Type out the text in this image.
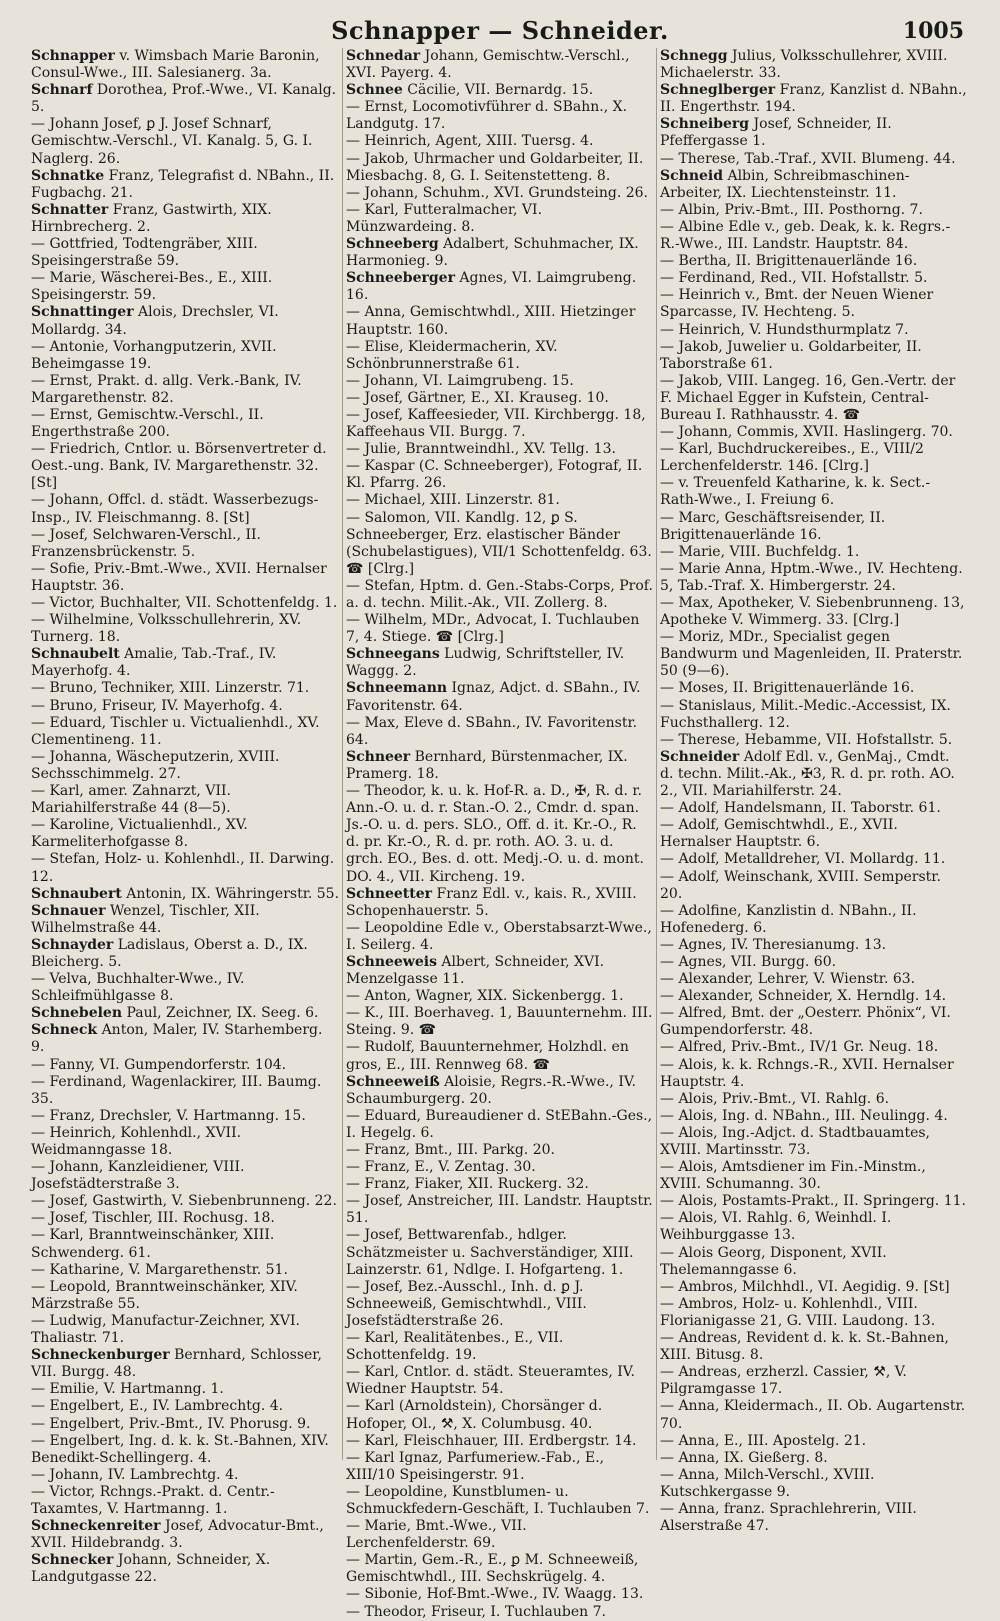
Schnapper — Schneider.	1005
Schnapper v. Wimsbach Marie Baronin, Consul-Wwe., III. Salesianerg. 3a.
Schnarf Dorothea, Prof.-Wwe., VI. Kanalg. 5.
— Johann Josef, ꝑ J. Josef Schnarf, Gemischtw.-Verschl., VI. Kanalg. 5, G. I. Naglerg. 26.
Schnatke Franz, Telegrafist d. NBahn., II. Fugbachg. 21.
Schnatter Franz, Gastwirth, XIX. Hirnbrecherg. 2.
— Gottfried, Todtengräber, XIII. Speisingerstraße 59.
— Marie, Wäscherei-Bes., E., XIII. Speisingerstr. 59.
Schnattinger Alois, Drechsler, VI. Mollardg. 34.
— Antonie, Vorhangputzerin, XVII. Beheimgasse 19.
— Ernst, Prakt. d. allg. Verk.-Bank, IV. Margarethenstr. 82.
— Ernst, Gemischtw.-Verschl., II. Engerthstraße 200.
— Friedrich, Cntlor. u. Börsenvertreter d. Oest.-ung. Bank, IV. Margarethenstr. 32. [St]
— Johann, Offcl. d. städt. Wasserbezugs-Insp., IV. Fleischmanng. 8. [St]
— Josef, Selchwaren-Verschl., II. Franzensbrückenstr. 5.
— Sofie, Priv.-Bmt.-Wwe., XVII. Hernalser Hauptstr. 36.
— Victor, Buchhalter, VII. Schottenfeldg. 1.
— Wilhelmine, Volksschullehrerin, XV. Turnerg. 18.
Schnaubelt Amalie, Tab.-Traf., IV. Mayerhofg. 4.
— Bruno, Techniker, XIII. Linzerstr. 71.
— Bruno, Friseur, IV. Mayerhofg. 4.
— Eduard, Tischler u. Victualienhdl., XV. Clementineng. 11.
— Johanna, Wäscheputzerin, XVIII. Sechsschimmelg. 27.
— Karl, amer. Zahnarzt, VII. Mariahilferstraße 44 (8—5).
— Karoline, Victualienhdl., XV. Karmeliterhofgasse 8.
— Stefan, Holz- u. Kohlenhdl., II. Darwing. 12.
Schnaubert Antonin, IX. Währingerstr. 55.
Schnauer Wenzel, Tischler, XII. Wilhelmstraße 44.
Schnayder Ladislaus, Oberst a. D., IX. Bleicherg. 5.
— Velva, Buchhalter-Wwe., IV. Schleifmühlgasse 8.
Schnebelen Paul, Zeichner, IX. Seeg. 6.
Schneck Anton, Maler, IV. Starhemberg. 9.
— Fanny, VI. Gumpendorferstr. 104.
— Ferdinand, Wagenlackirer, III. Baumg. 35.
— Franz, Drechsler, V. Hartmanng. 15.
— Heinrich, Kohlenhdl., XVII. Weidmanngasse 18.
— Johann, Kanzleidiener, VIII. Josefstädterstraße 3.
— Josef, Gastwirth, V. Siebenbrunneng. 22.
— Josef, Tischler, III. Rochusg. 18.
— Karl, Branntweinschänker, XIII. Schwenderg. 61.
— Katharine, V. Margarethenstr. 51.
— Leopold, Branntweinschänker, XIV. Märzstraße 55.
— Ludwig, Manufactur-Zeichner, XVI. Thaliastr. 71.
Schneckenburger Bernhard, Schlosser, VII. Burgg. 48.
— Emilie, V. Hartmanng. 1.
— Engelbert, E., IV. Lambrechtg. 4.
— Engelbert, Priv.-Bmt., IV. Phorusg. 9.
— Engelbert, Ing. d. k. k. St.-Bahnen, XIV. Benedikt-Schellingerg. 4.
— Johann, IV. Lambrechtg. 4.
— Victor, Rchngs.-Prakt. d. Centr.-Taxamtes, V. Hartmanng. 1.
Schneckenreiter Josef, Advocatur-Bmt., XVII. Hildebrandg. 3.
Schnecker Johann, Schneider, X. Landgutgasse 22.
Schnedar Johann, Gemischtw.-Verschl., XVI. Payerg. 4.
Schnee Cäcilie, VII. Bernardg. 15.
— Ernst, Locomotivführer d. SBahn., X. Landgutg. 17.
— Heinrich, Agent, XIII. Tuersg. 4.
— Jakob, Uhrmacher und Goldarbeiter, II. Miesbachg. 8, G. I. Seitenstetteng. 8.
— Johann, Schuhm., XVI. Grundsteing. 26.
— Karl, Futteralmacher, VI. Münzwardeing. 8.
Schneeberg Adalbert, Schuhmacher, IX. Harmonieg. 9.
Schneeberger Agnes, VI. Laimgrubeng. 16.
— Anna, Gemischtwhdl., XIII. Hietzinger Hauptstr. 160.
— Elise, Kleidermacherin, XV. Schönbrunnerstraße 61.
— Johann, VI. Laimgrubeng. 15.
— Josef, Gärtner, E., XI. Krauseg. 10.
— Josef, Kaffeesieder, VII. Kirchbergg. 18, Kaffeehaus VII. Burgg. 7.
— Julie, Branntweindhl., XV. Tellg. 13.
— Kaspar (C. Schneeberger), Fotograf, II. Kl. Pfarrg. 26.
— Michael, XIII. Linzerstr. 81.
— Salomon, VII. Kandlg. 12, ꝑ S. Schneeberger, Erz. elastischer Bänder (Schubelastigues), VII/1 Schottenfeldg. 63. ☎ [Clrg.]
— Stefan, Hptm. d. Gen.-Stabs-Corps, Prof. a. d. techn. Milit.-Ak., VII. Zollerg. 8.
— Wilhelm, MDr., Advocat, I. Tuchlauben 7, 4. Stiege. ☎ [Clrg.]
Schneegans Ludwig, Schriftsteller, IV. Waggg. 2.
Schneemann Ignaz, Adjct. d. SBahn., IV. Favoritenstr. 64.
— Max, Eleve d. SBahn., IV. Favoritenstr. 64.
Schneer Bernhard, Bürstenmacher, IX. Pramerg. 18.
— Theodor, k. u. k. Hof-R. a. D., ✠, R. d. r. Ann.-O. u. d. r. Stan.-O. 2., Cmdr. d. span. Js.-O. u. d. pers. SLO., Off. d. it. Kr.-O., R. d. pr. Kr.-O., R. d. pr. roth. AO. 3. u. d. grch. EO., Bes. d. ott. Medj.-O. u. d. mont. DO. 4., VII. Kircheng. 19.
Schneetter Franz Edl. v., kais. R., XVIII. Schopenhauerstr. 5.
— Leopoldine Edle v., Oberstabsarzt-Wwe., I. Seilerg. 4.
Schneeweis Albert, Schneider, XVI. Menzelgasse 11.
— Anton, Wagner, XIX. Sickenbergg. 1.
— K., III. Boerhaveg. 1, Bauunternehm. III. Steing. 9. ☎
— Rudolf, Bauunternehmer, Holzhdl. en gros, E., III. Rennweg 68. ☎
Schneeweiß Aloisie, Regrs.-R.-Wwe., IV. Schaumburgerg. 20.
— Eduard, Bureaudiener d. StEBahn.-Ges., I. Hegelg. 6.
— Franz, Bmt., III. Parkg. 20.
— Franz, E., V. Zentag. 30.
— Franz, Fiaker, XII. Ruckerg. 32.
— Josef, Anstreicher, III. Landstr. Hauptstr. 51.
— Josef, Bettwarenfab., hdlger. Schätzmeister u. Sachverständiger, XIII. Lainzerstr. 61, Ndlge. I. Hofgarteng. 1.
— Josef, Bez.-Ausschl., Inh. d. ꝑ J. Schneeweiß, Gemischtwhdl., VIII. Josefstädterstraße 26.
— Karl, Realitätenbes., E., VII. Schottenfeldg. 19.
— Karl, Cntlor. d. städt. Steueramtes, IV. Wiedner Hauptstr. 54.
— Karl (Arnoldstein), Chorsänger d. Hofoper, Ol., ⚒, X. Columbusg. 40.
— Karl, Fleischhauer, III. Erdbergstr. 14.
— Karl Ignaz, Parfumeriew.-Fab., E., XIII/10 Speisingerstr. 91.
— Leopoldine, Kunstblumen- u. Schmuckfedern-Geschäft, I. Tuchlauben 7.
— Marie, Bmt.-Wwe., VII. Lerchenfelderstr. 69.
— Martin, Gem.-R., E., ꝑ M. Schneeweiß, Gemischtwhdl., III. Sechskrügelg. 4.
— Sibonie, Hof-Bmt.-Wwe., IV. Waagg. 13.
— Theodor, Friseur, I. Tuchlauben 7.
Schnegg Julius, Volksschullehrer, XVIII. Michaelerstr. 33.
Schneglberger Franz, Kanzlist d. NBahn., II. Engerthstr. 194.
Schneiberg Josef, Schneider, II. Pfeffergasse 1.
— Therese, Tab.-Traf., XVII. Blumeng. 44.
Schneid Albin, Schreibmaschinen-Arbeiter, IX. Liechtensteinstr. 11.
— Albin, Priv.-Bmt., III. Posthorng. 7.
— Albine Edle v., geb. Deak, k. k. Regrs.-R.-Wwe., III. Landstr. Hauptstr. 84.
— Bertha, II. Brigittenauerlände 16.
— Ferdinand, Red., VII. Hofstallstr. 5.
— Heinrich v., Bmt. der Neuen Wiener Sparcasse, IV. Hechteng. 5.
— Heinrich, V. Hundsthurmplatz 7.
— Jakob, Juwelier u. Goldarbeiter, II. Taborstraße 61.
— Jakob, VIII. Langeg. 16, Gen.-Vertr. der F. Michael Egger in Kufstein, Central-Bureau I. Rathhausstr. 4. ☎
— Johann, Commis, XVII. Haslingerg. 70.
— Karl, Buchdruckereibes., E., VIII/2 Lerchenfelderstr. 146. [Clrg.]
— v. Treuenfeld Katharine, k. k. Sect.-Rath-Wwe., I. Freiung 6.
— Marc, Geschäftsreisender, II. Brigittenauerlände 16.
— Marie, VIII. Buchfeldg. 1.
— Marie Anna, Hptm.-Wwe., IV. Hechteng. 5, Tab.-Traf. X. Himbergerstr. 24.
— Max, Apotheker, V. Siebenbrunneng. 13, Apotheke V. Wimmerg. 33. [Clrg.]
— Moriz, MDr., Specialist gegen Bandwurm und Magenleiden, II. Praterstr. 50 (9—6).
— Moses, II. Brigittenauerlände 16.
— Stanislaus, Milit.-Medic.-Accessist, IX. Fuchsthallerg. 12.
— Therese, Hebamme, VII. Hofstallstr. 5.
Schneider Adolf Edl. v., GenMaj., Cmdt. d. techn. Milit.-Ak., ✠3, R. d. pr. roth. AO. 2., VII. Mariahilferstr. 24.
— Adolf, Handelsmann, II. Taborstr. 61.
— Adolf, Gemischtwhdl., E., XVII. Hernalser Hauptstr. 6.
— Adolf, Metalldreher, VI. Mollardg. 11.
— Adolf, Weinschank, XVIII. Semperstr. 20.
— Adolfine, Kanzlistin d. NBahn., II. Hofenederg. 6.
— Agnes, IV. Theresianumg. 13.
— Agnes, VII. Burgg. 60.
— Alexander, Lehrer, V. Wienstr. 63.
— Alexander, Schneider, X. Herndlg. 14.
— Alfred, Bmt. der „Oesterr. Phönix“, VI. Gumpendorferstr. 48.
— Alfred, Priv.-Bmt., IV/1 Gr. Neug. 18.
— Alois, k. k. Rchngs.-R., XVII. Hernalser Hauptstr. 4.
— Alois, Priv.-Bmt., VI. Rahlg. 6.
— Alois, Ing. d. NBahn., III. Neulingg. 4.
— Alois, Ing.-Adjct. d. Stadtbauamtes, XVIII. Martinsstr. 73.
— Alois, Amtsdiener im Fin.-Minstm., XVIII. Schumanng. 30.
— Alois, Postamts-Prakt., II. Springerg. 11.
— Alois, VI. Rahlg. 6, Weinhdl. I. Weihburggasse 13.
— Alois Georg, Disponent, XVII. Thelemanngasse 6.
— Ambros, Milchhdl., VI. Aegidig. 9. [St]
— Ambros, Holz- u. Kohlenhdl., VIII. Florianigasse 21, G. VIII. Laudong. 13.
— Andreas, Revident d. k. k. St.-Bahnen, XIII. Bitusg. 8.
— Andreas, erzherzl. Cassier, ⚒, V. Pilgramgasse 17.
— Anna, Kleidermach., II. Ob. Augartenstr. 70.
— Anna, E., III. Apostelg. 21.
— Anna, IX. Gießerg. 8.
— Anna, Milch-Verschl., XVIII. Kutschkergasse 9.
— Anna, franz. Sprachlehrerin, VIII. Alserstraße 47.
